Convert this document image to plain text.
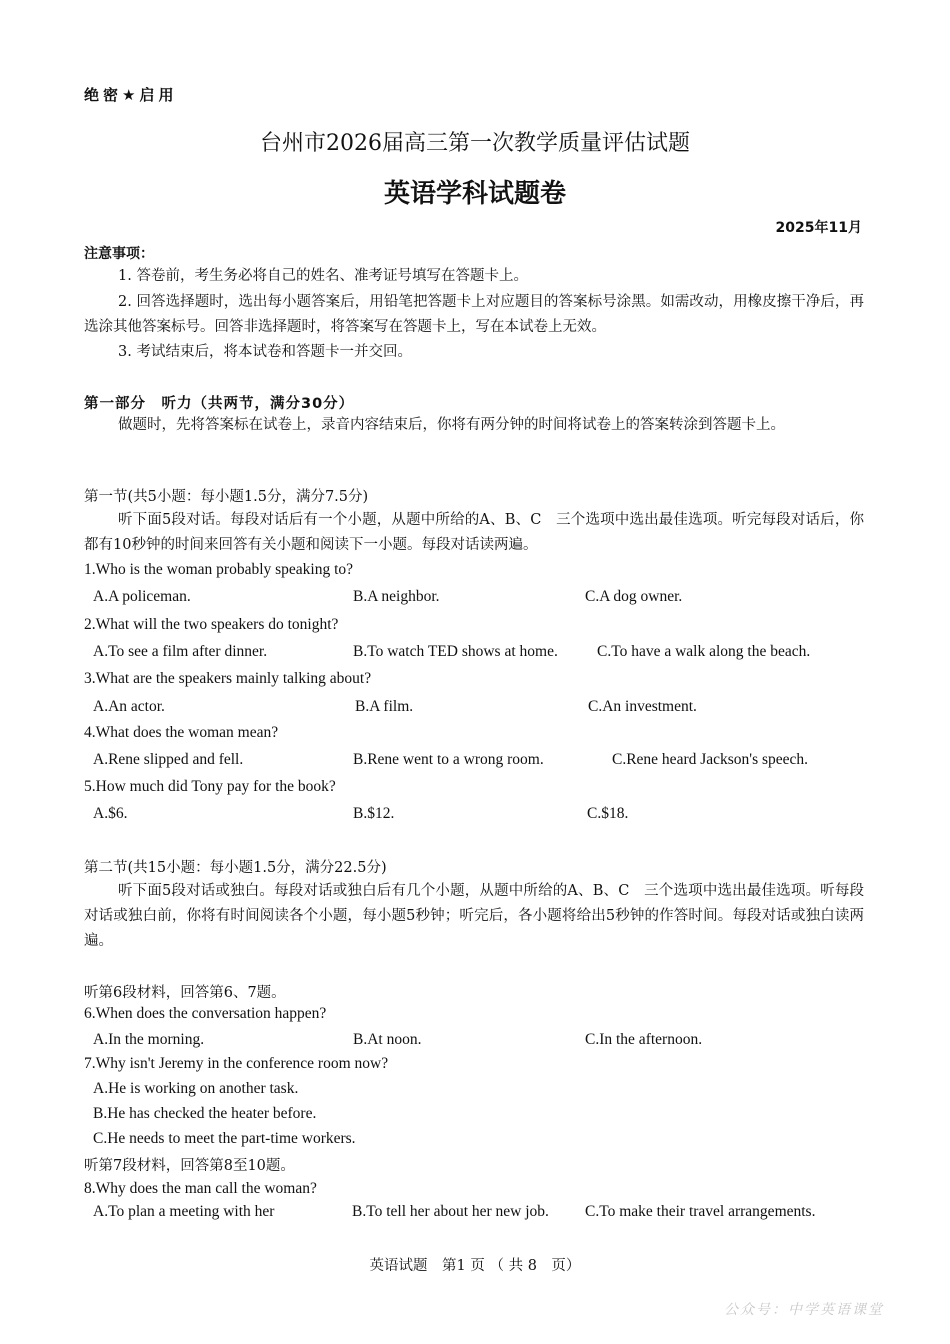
绝密★启用
台州市2026届高三第一次教学质量评估试题
英语学科试题卷
2025年11月
注意事项：
1. 答卷前，考生务必将自己的姓名、准考证号填写在答题卡上。
2. 回答选择题时，选出每小题答案后，用铅笔把答题卡上对应题目的答案标号涂黑。如需改动，用橡皮擦干净后，再选涂其他答案标号。回答非选择题时，将答案写在答题卡上，写在本试卷上无效。
3. 考试结束后，将本试卷和答题卡一并交回。
第一部分　听力（共两节，满分30分）
做题时，先将答案标在试卷上，录音内容结束后，你将有两分钟的时间将试卷上的答案转涂到答题卡上。
第一节(共5小题：每小题1.5分，满分7.5分)
听下面5段对话。每段对话后有一个小题，从题中所给的A、B、C　三个选项中选出最佳选项。听完每段对话后，你都有10秒钟的时间来回答有关小题和阅读下一小题。每段对话读两遍。
1.Who is the woman probably speaking to?
A.A policeman.	B.A neighbor.	C.A dog owner.
2.What will the two speakers do tonight?
A.To see a film after dinner.	B.To watch TED shows at home.	C.To have a walk along the beach.
3.What are the speakers mainly talking about?
A.An actor.	B.A film.	C.An investment.
4.What does the woman mean?
A.Rene slipped and fell.	B.Rene went to a wrong room.	C.Rene heard Jackson's speech.
5.How much did Tony pay for the book?
A.$6.	B.$12.	C.$18.
第二节(共15小题：每小题1.5分，满分22.5分)
听下面5段对话或独白。每段对话或独白后有几个小题，从题中所给的A、B、C　三个选项中选出最佳选项。听每段对话或独白前，你将有时间阅读各个小题，每小题5秒钟；听完后，各小题将给出5秒钟的作答时间。每段对话或独白读两遍。
听第6段材料，回答第6、7题。
6.When does the conversation happen?
A.In the morning.	B.At noon.	C.In the afternoon.
7.Why isn't Jeremy in the conference room now?
A.He is working on another task.
B.He has checked the heater before.
C.He needs to meet the part-time workers.
听第7段材料，回答第8至10题。
8.Why does the man call the woman?
A.To plan a meeting with her	B.To tell her about her new job. C.To make their travel arrangements.
英语试题　第1 页 （ 共 8　页）
公众号：中学英语课堂
